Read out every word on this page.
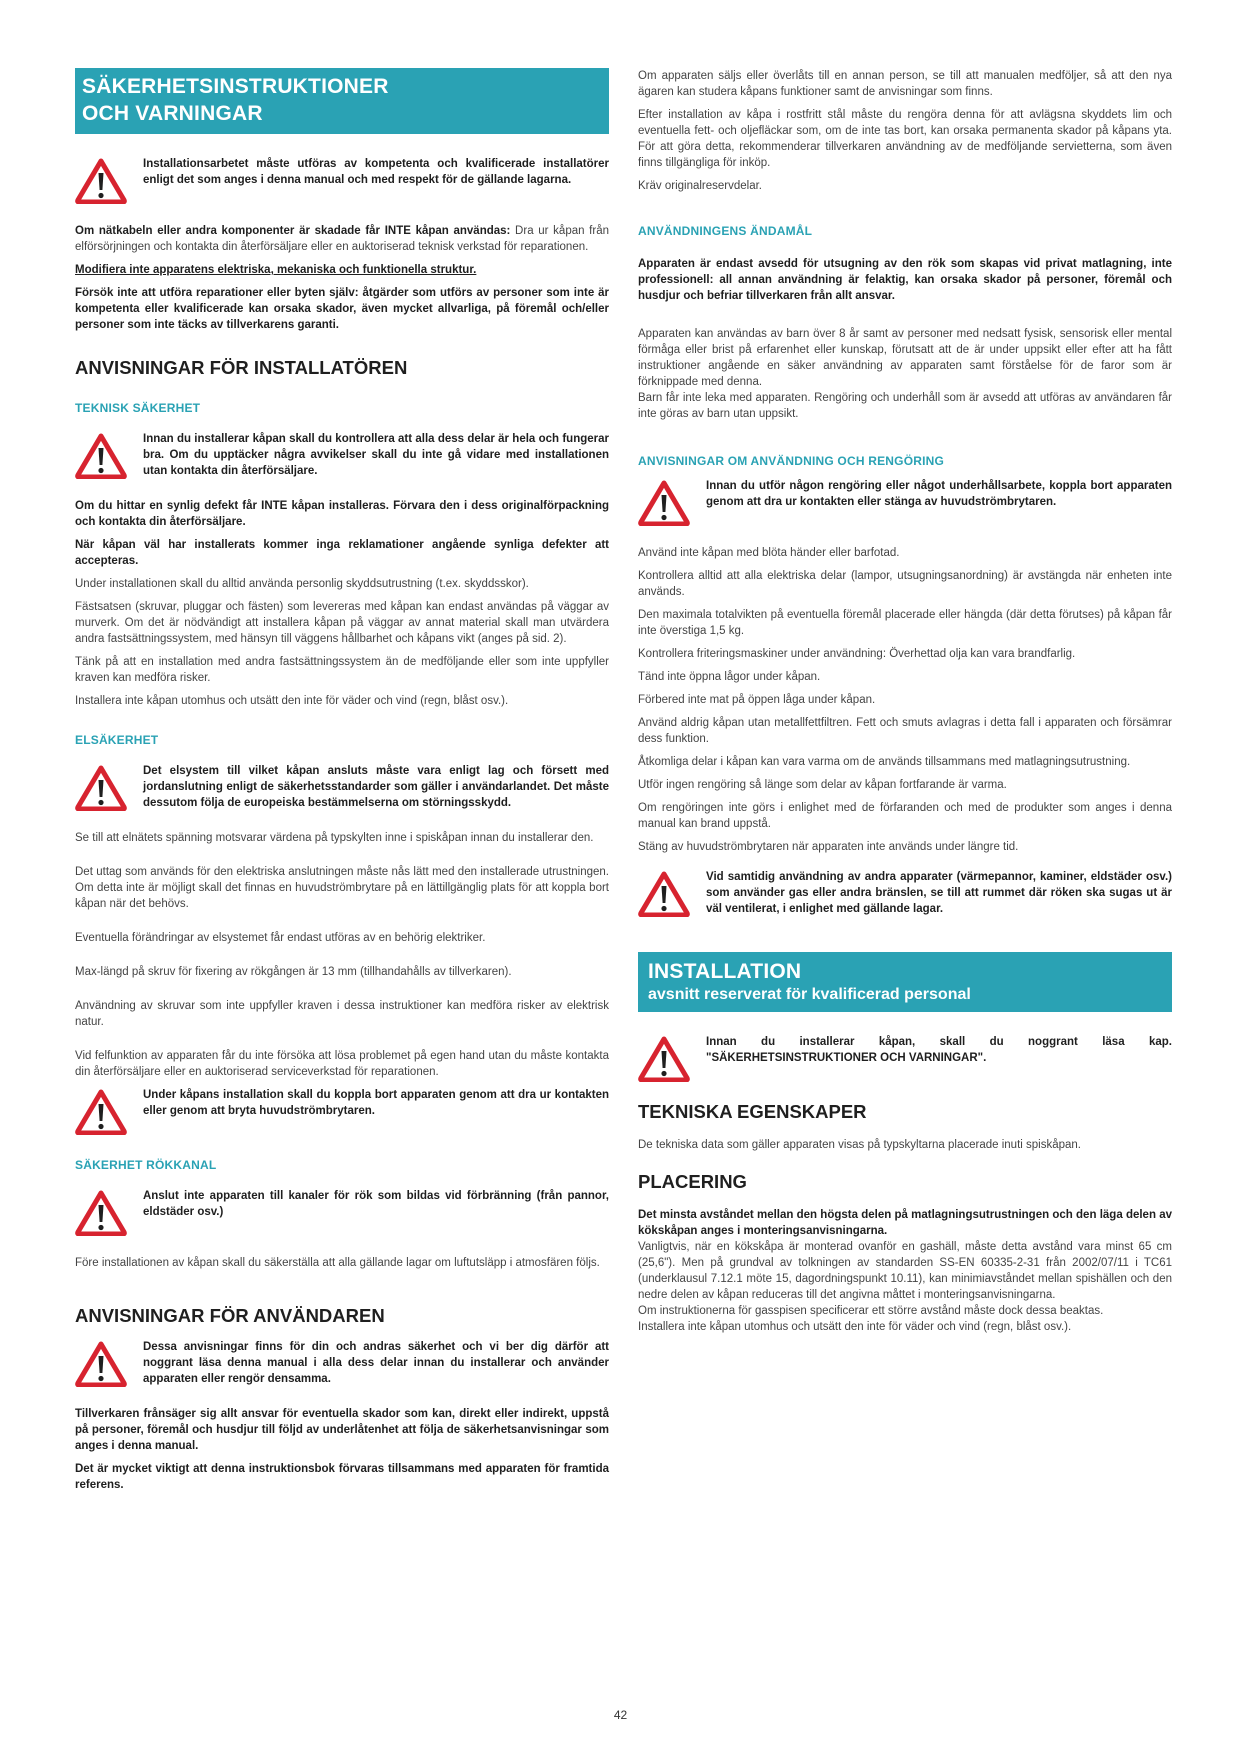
SÄKERHETSINSTRUKTIONER
OCH VARNINGAR

Installationsarbetet måste utföras av kompetenta och kvalificerade installatörer enligt det som anges i denna manual och med respekt för de gällande lagarna.

Om nätkabeln eller andra komponenter är skadade får INTE kåpan användas: Dra ur kåpan från elförsörjningen och kontakta din återförsäljare eller en auktoriserad teknisk verkstad för reparationen.

Modifiera inte apparatens elektriska, mekaniska och funktionella struktur.

Försök inte att utföra reparationer eller byten själv: åtgärder som utförs av personer som inte är kompetenta eller kvalificerade kan orsaka skador, även mycket allvarliga, på föremål och/eller personer som inte täcks av tillverkarens garanti.

ANVISNINGAR FÖR INSTALLATÖREN
TEKNISK SÄKERHET

Innan du installerar kåpan skall du kontrollera att alla dess delar är hela och fungerar bra. Om du upptäcker några avvikelser skall du inte gå vidare med installationen utan kontakta din återförsäljare.

Om du hittar en synlig defekt får INTE kåpan installeras. Förvara den i dess originalförpackning och kontakta din återförsäljare.

När kåpan väl har installerats kommer inga reklamationer angående synliga defekter att accepteras.

Under installationen skall du alltid använda personlig skyddsutrustning (t.ex. skyddsskor).

Fästsatsen (skruvar, pluggar och fästen) som levereras med kåpan kan endast användas på väggar av murverk. Om det är nödvändigt att installera kåpan på väggar av annat material skall man utvärdera andra fastsättningssystem, med hänsyn till väggens hållbarhet och kåpans vikt (anges på sid. 2).

Tänk på att en installation med andra fastsättningssystem än de medföljande eller som inte uppfyller kraven kan medföra risker.

Installera inte kåpan utomhus och utsätt den inte för väder och vind (regn, blåst osv.).

ELSÄKERHET

Det elsystem till vilket kåpan ansluts måste vara enligt lag och försett med jordanslutning enligt de säkerhetsstandarder som gäller i användarlandet. Det måste dessutom följa de europeiska bestämmelserna om störningsskydd.

Se till att elnätets spänning motsvarar värdena på typskylten inne i spiskåpan innan du installerar den.

Det uttag som används för den elektriska anslutningen måste nås lätt med den installerade utrustningen. Om detta inte är möjligt skall det finnas en huvudströmbrytare på en lättillgänglig plats för att koppla bort kåpan när det behövs.

Eventuella förändringar av elsystemet får endast utföras av en behörig elektriker.

Max-längd på skruv för fixering av rökgången är 13 mm (tillhandahålls av tillverkaren).

Användning av skruvar som inte uppfyller kraven i dessa instruktioner kan medföra risker av elektrisk natur.

Vid felfunktion av apparaten får du inte försöka att lösa problemet på egen hand utan du måste kontakta din återförsäljare eller en auktoriserad serviceverkstad för reparationen.

Under kåpans installation skall du koppla bort apparaten genom att dra ur kontakten eller genom att bryta huvudströmbrytaren.

SÄKERHET RÖKKANAL

Anslut inte apparaten till kanaler för rök som bildas vid förbränning (från pannor, eldstäder osv.)

Före installationen av kåpan skall du säkerställa att alla gällande lagar om luftutsläpp i atmosfären följs.

ANVISNINGAR FÖR ANVÄNDAREN

Dessa anvisningar finns för din och andras säkerhet och vi ber dig därför att noggrant läsa denna manual i alla dess delar innan du installerar och använder apparaten eller rengör densamma.

Tillverkaren frånsäger sig allt ansvar för eventuella skador som kan, direkt eller indirekt, uppstå på personer, föremål och husdjur till följd av underlåtenhet att följa de säkerhetsanvisningar som anges i denna manual.

Det är mycket viktigt att denna instruktionsbok förvaras tillsammans med apparaten för framtida referens.

Om apparaten säljs eller överlåts till en annan person, se till att manualen medföljer, så att den nya ägaren kan studera kåpans funktioner samt de anvisningar som finns.

Efter installation av kåpa i rostfritt stål måste du rengöra denna för att avlägsna skyddets lim och eventuella fett- och oljefläckar som, om de inte tas bort, kan orsaka permanenta skador på kåpans yta. För att göra detta, rekommenderar tillverkaren användning av de medföljande servietterna, som även finns tillgängliga för inköp.

Kräv originalreservdelar.

ANVÄNDNINGENS ÄNDAMÅL

Apparaten är endast avsedd för utsugning av den rök som skapas vid privat matlagning, inte professionell: all annan användning är felaktig, kan orsaka skador på personer, föremål och husdjur och befriar tillverkaren från allt ansvar.

Apparaten kan användas av barn över 8 år samt av personer med nedsatt fysisk, sensorisk eller mental förmåga eller brist på erfarenhet eller kunskap, förutsatt att de är under uppsikt eller efter att ha fått instruktioner angående en säker användning av apparaten samt förståelse för de faror som är förknippade med denna.

Barn får inte leka med apparaten. Rengöring och underhåll som är avsedd att utföras av användaren får inte göras av barn utan uppsikt.

ANVISNINGAR OM ANVÄNDNING OCH RENGÖRING

Innan du utför någon rengöring eller något underhållsarbete, koppla bort apparaten genom att dra ur kontakten eller stänga av huvudströmbrytaren.

Använd inte kåpan med blöta händer eller barfotad.

Kontrollera alltid att alla elektriska delar (lampor, utsugningsanordning) är avstängda när enheten inte används.

Den maximala totalvikten på eventuella föremål placerade eller hängda (där detta förutses) på kåpan får inte överstiga 1,5 kg.

Kontrollera friteringsmaskiner under användning: Överhettad olja kan vara brandfarlig.

Tänd inte öppna lågor under kåpan.

Förbered inte mat på öppen låga under kåpan.

Använd aldrig kåpan utan metallfettfiltren. Fett och smuts avlagras i detta fall i apparaten och försämrar dess funktion.

Åtkomliga delar i kåpan kan vara varma om de används tillsammans med matlagningsutrustning.

Utför ingen rengöring så länge som delar av kåpan fortfarande är varma.

Om rengöringen inte görs i enlighet med de förfaranden och med de produkter som anges i denna manual kan brand uppstå.

Stäng av huvudströmbrytaren när apparaten inte används under längre tid.

Vid samtidig användning av andra apparater (värmepannor, kaminer, eldstäder osv.) som använder gas eller andra bränslen, se till att rummet där röken ska sugas ut är väl ventilerat, i enlighet med gällande lagar.

INSTALLATION
avsnitt reserverat för kvalificerad personal

Innan du installerar kåpan, skall du noggrant läsa kap. "SÄKERHETSINSTRUKTIONER OCH VARNINGAR".

TEKNISKA EGENSKAPER

De tekniska data som gäller apparaten visas på typskyltarna placerade inuti spiskåpan.

PLACERING

Det minsta avståndet mellan den högsta delen på matlagningsutrustningen och den läga delen av kökskåpan anges i monteringsanvisningarna.

Vanligtvis, när en kökskåpa är monterad ovanför en gashäll, måste detta avstånd vara minst 65 cm (25,6"). Men på grundval av tolkningen av standarden SS-EN 60335-2-31 från 2002/07/11 i TC61 (underklausul 7.12.1 möte 15, dagordningspunkt 10.11), kan minimiavståndet mellan spishällen och den nedre delen av kåpan reduceras till det angivna måttet i monteringsanvisningarna.

Om instruktionerna för gasspisen specificerar ett större avstånd måste dock dessa beaktas.

Installera inte kåpan utomhus och utsätt den inte för väder och vind (regn, blåst osv.).

42
